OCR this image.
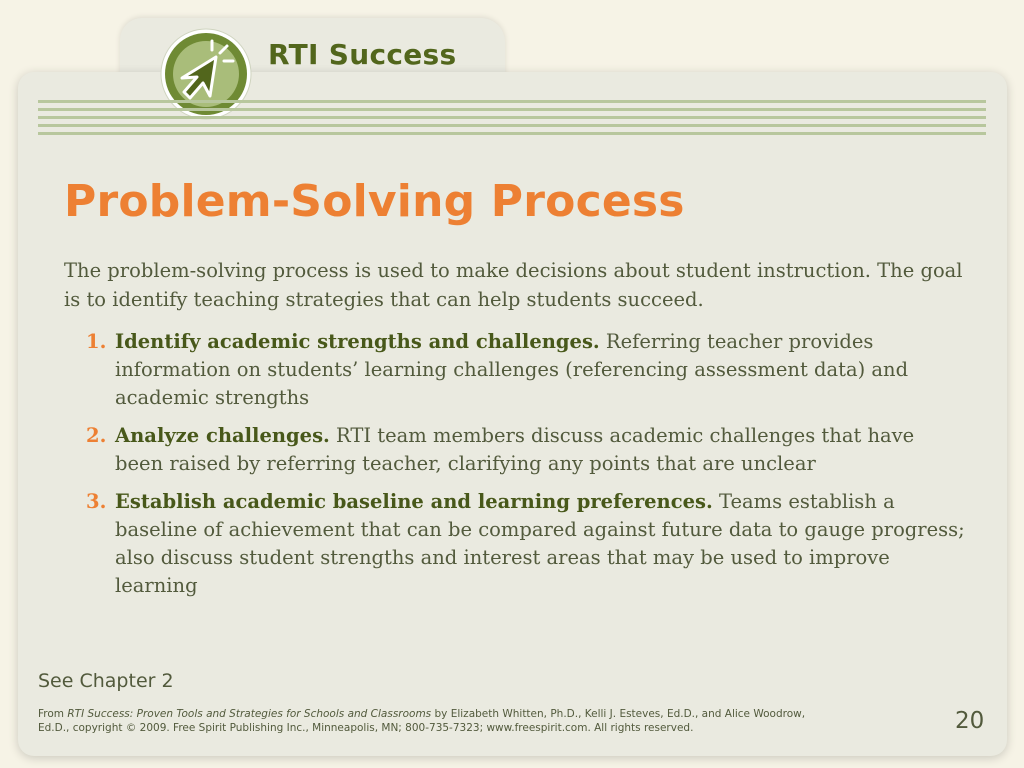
RTI Success
Problem-Solving Process

The problem-solving process is used to make decisions about student instruction. The goal is to identify teaching strategies that can help students succeed.

1. Identify academic strengths and challenges. Referring teacher provides information on students’ learning challenges (referencing assessment data) and academic strengths
2. Analyze challenges. RTI team members discuss academic challenges that have been raised by referring teacher, clarifying any points that are unclear
3. Establish academic baseline and learning preferences. Teams establish a baseline of achievement that can be compared against future data to gauge progress; also discuss student strengths and interest areas that may be used to improve learning

See Chapter 2

From RTI Success: Proven Tools and Strategies for Schools and Classrooms by Elizabeth Whitten, Ph.D., Kelli J. Esteves, Ed.D., and Alice Woodrow, Ed.D., copyright © 2009. Free Spirit Publishing Inc., Minneapolis, MN; 800-735-7323; www.freespirit.com. All rights reserved.	20
